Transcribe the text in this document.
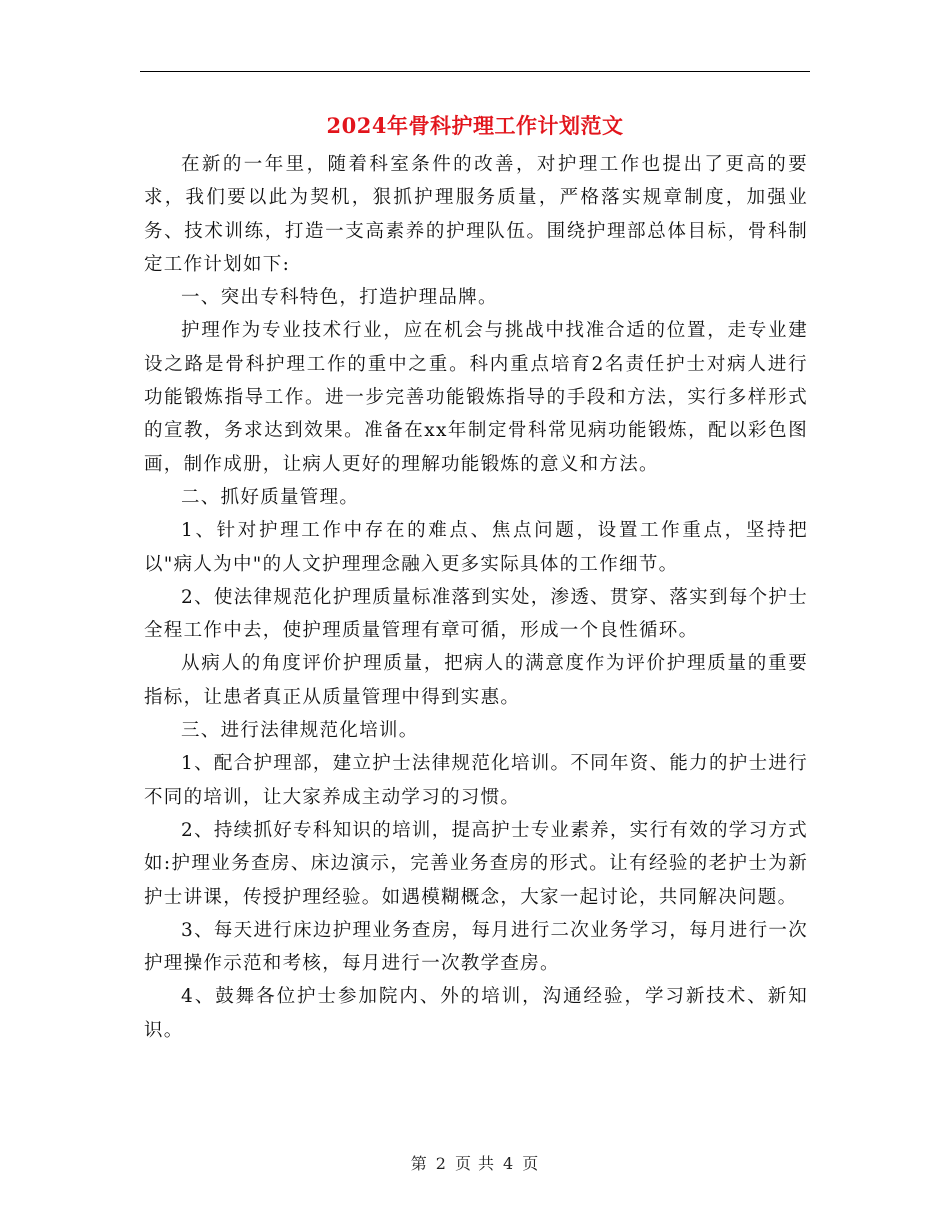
2024年骨科护理工作计划范文

在新的一年里，随着科室条件的改善，对护理工作也提出了更高的要求，我们要以此为契机，狠抓护理服务质量，严格落实规章制度，加强业务、技术训练，打造一支高素养的护理队伍。围绕护理部总体目标，骨科制定工作计划如下:

一、突出专科特色，打造护理品牌。

护理作为专业技术行业，应在机会与挑战中找准合适的位置，走专业建设之路是骨科护理工作的重中之重。科内重点培育2名责任护士对病人进行功能锻炼指导工作。进一步完善功能锻炼指导的手段和方法，实行多样形式的宣教，务求达到效果。准备在xx年制定骨科常见病功能锻炼，配以彩色图画，制作成册，让病人更好的理解功能锻炼的意义和方法。

二、抓好质量管理。

1、针对护理工作中存在的难点、焦点问题，设置工作重点，坚持把以"病人为中"的人文护理理念融入更多实际具体的工作细节。

2、使法律规范化护理质量标准落到实处，渗透、贯穿、落实到每个护士全程工作中去，使护理质量管理有章可循，形成一个良性循环。

从病人的角度评价护理质量，把病人的满意度作为评价护理质量的重要指标，让患者真正从质量管理中得到实惠。

三、进行法律规范化培训。

1、配合护理部，建立护士法律规范化培训。不同年资、能力的护士进行不同的培训，让大家养成主动学习的习惯。

2、持续抓好专科知识的培训，提高护士专业素养，实行有效的学习方式如:护理业务查房、床边演示，完善业务查房的形式。让有经验的老护士为新护士讲课，传授护理经验。如遇模糊概念，大家一起讨论，共同解决问题。

3、每天进行床边护理业务查房，每月进行二次业务学习，每月进行一次护理操作示范和考核，每月进行一次教学查房。

4、鼓舞各位护士参加院内、外的培训，沟通经验，学习新技术、新知识。

第 2 页 共 4 页
